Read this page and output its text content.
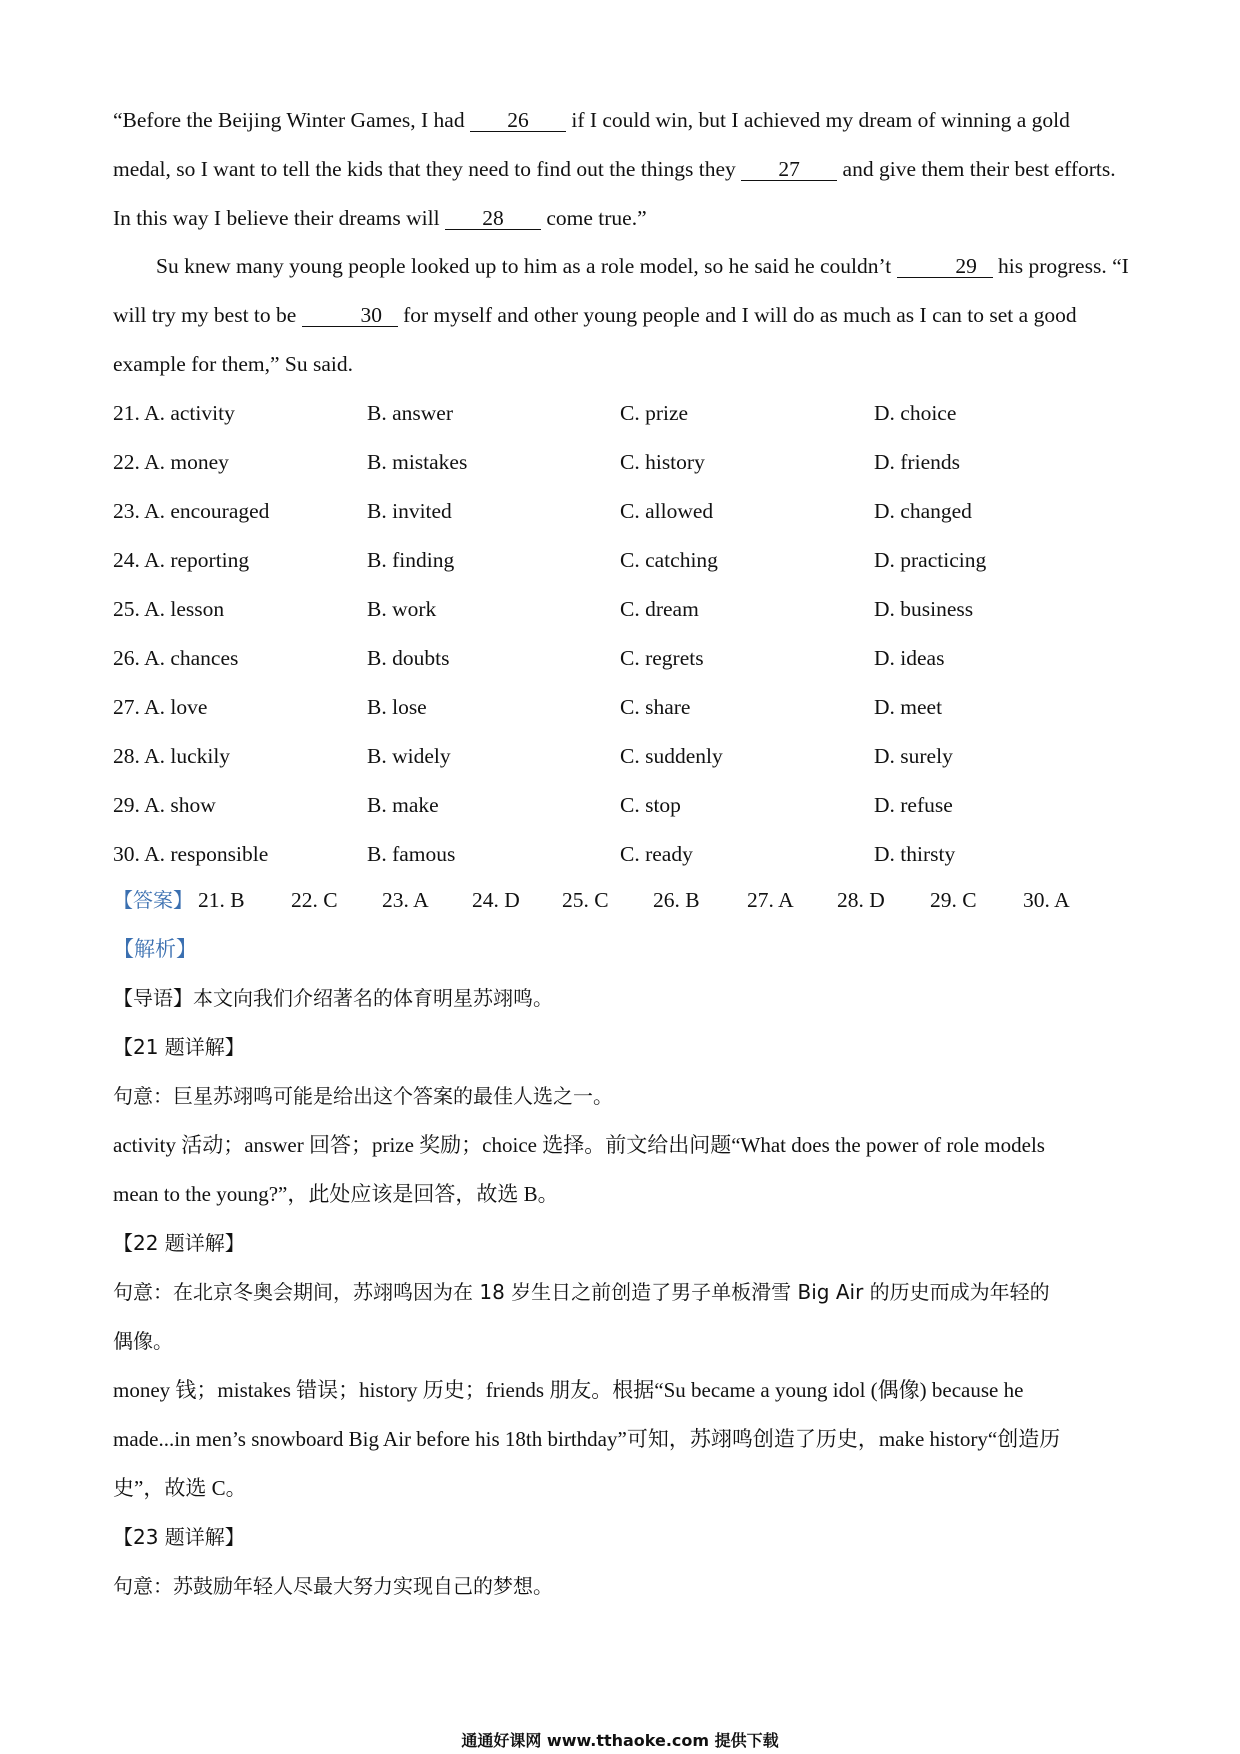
“Before the Beijing Winter Games, I had 26 if I could win, but I achieved my dream of winning a gold medal, so I want to tell the kids that they need to find out the things they 27 and give them their best efforts. In this way I believe their dreams will 28 come true.”

Su knew many young people looked up to him as a role model, so he said he couldn’t	29 his progress. “I will try my best to be	30 for myself and other young people and I will do as much as I can to set a good example for them,” Su said.

21. A. activity	B. answer	C. prize	D. choice
22. A. money	B. mistakes	C. history	D. friends
23. A. encouraged	B. invited	C. allowed	D. changed
24. A. reporting	B. finding	C. catching	D. practicing
25. A. lesson	B. work	C. dream	D. business
26. A. chances	B. doubts	C. regrets	D. ideas
27. A. love	B. lose	C. share	D. meet
28. A. luckily	B. widely	C. suddenly	D. surely
29. A. show	B. make	C. stop	D. refuse
30. A. responsible	B. famous	C. ready	D. thirsty
【答案】 21. B 22. C 23. A 24. D 25. C 26. B 27. A 28. D 29. C 30. A
【解析】
【导语】本文向我们介绍著名的体育明星苏翊鸣。
【21 题详解】
句意：巨星苏翊鸣可能是给出这个答案的最佳人选之一。
activity 活动；answer 回答；prize 奖励；choice 选择。前文给出问题“What does the power of role models
mean to the young?”，此处应该是回答，故选 B。
【22 题详解】
句意：在北京冬奥会期间，苏翊鸣因为在 18 岁生日之前创造了男子单板滑雪 Big Air 的历史而成为年轻的
偶像。
money 钱；mistakes 错误；history 历史；friends 朋友。根据“Su became a young idol (偶像) because he
made...in men’s snowboard Big Air before his 18th birthday”可知，苏翊鸣创造了历史，make history“创造历
史”，故选 C。
【23 题详解】
句意：苏鼓励年轻人尽最大努力实现自己的梦想。
通通好课网 www.tthaoke.com 提供下载
